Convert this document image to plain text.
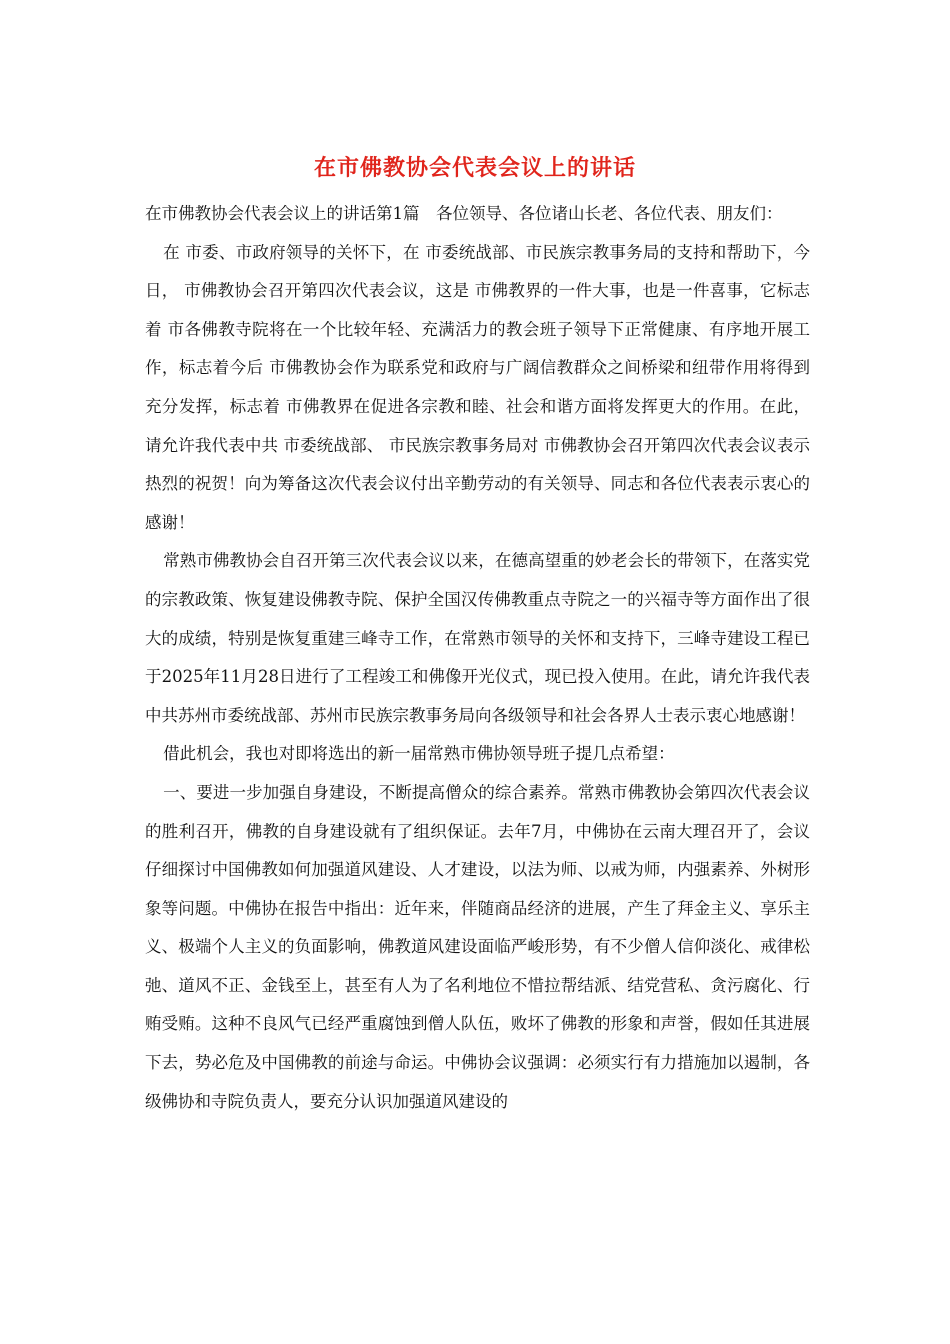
在市佛教协会代表会议上的讲话

在市佛教协会代表会议上的讲话第1篇　各位领导、各位诸山长老、各位代表、朋友们：

在 市委、市政府领导的关怀下，在 市委统战部、市民族宗教事务局的支持和帮助下，今日， 市佛教协会召开第四次代表会议，这是 市佛教界的一件大事，也是一件喜事，它标志着 市各佛教寺院将在一个比较年轻、充满活力的教会班子领导下正常健康、有序地开展工作，标志着今后 市佛教协会作为联系党和政府与广阔信教群众之间桥梁和纽带作用将得到充分发挥，标志着 市佛教界在促进各宗教和睦、社会和谐方面将发挥更大的作用。在此，请允许我代表中共 市委统战部、 市民族宗教事务局对 市佛教协会召开第四次代表会议表示热烈的祝贺！向为筹备这次代表会议付出辛勤劳动的有关领导、同志和各位代表表示衷心的感谢！

常熟市佛教协会自召开第三次代表会议以来，在德高望重的妙老会长的带领下，在落实党的宗教政策、恢复建设佛教寺院、保护全国汉传佛教重点寺院之一的兴福寺等方面作出了很大的成绩，特别是恢复重建三峰寺工作，在常熟市领导的关怀和支持下，三峰寺建设工程已于2025年11月28日进行了工程竣工和佛像开光仪式，现已投入使用。在此，请允许我代表中共苏州市委统战部、苏州市民族宗教事务局向各级领导和社会各界人士表示衷心地感谢！

借此机会，我也对即将选出的新一届常熟市佛协领导班子提几点希望：

一、要进一步加强自身建设，不断提高僧众的综合素养。常熟市佛教协会第四次代表会议的胜利召开，佛教的自身建设就有了组织保证。去年7月，中佛协在云南大理召开了，会议仔细探讨中国佛教如何加强道风建设、人才建设，以法为师、以戒为师，内强素养、外树形象等问题。中佛协在报告中指出：近年来，伴随商品经济的进展，产生了拜金主义、享乐主义、极端个人主义的负面影响，佛教道风建设面临严峻形势，有不少僧人信仰淡化、戒律松弛、道风不正、金钱至上，甚至有人为了名利地位不惜拉帮结派、结党营私、贪污腐化、行贿受贿。这种不良风气已经严重腐蚀到僧人队伍，败坏了佛教的形象和声誉，假如任其进展下去，势必危及中国佛教的前途与命运。中佛协会议强调：必须实行有力措施加以遏制，各级佛协和寺院负责人，要充分认识加强道风建设的
